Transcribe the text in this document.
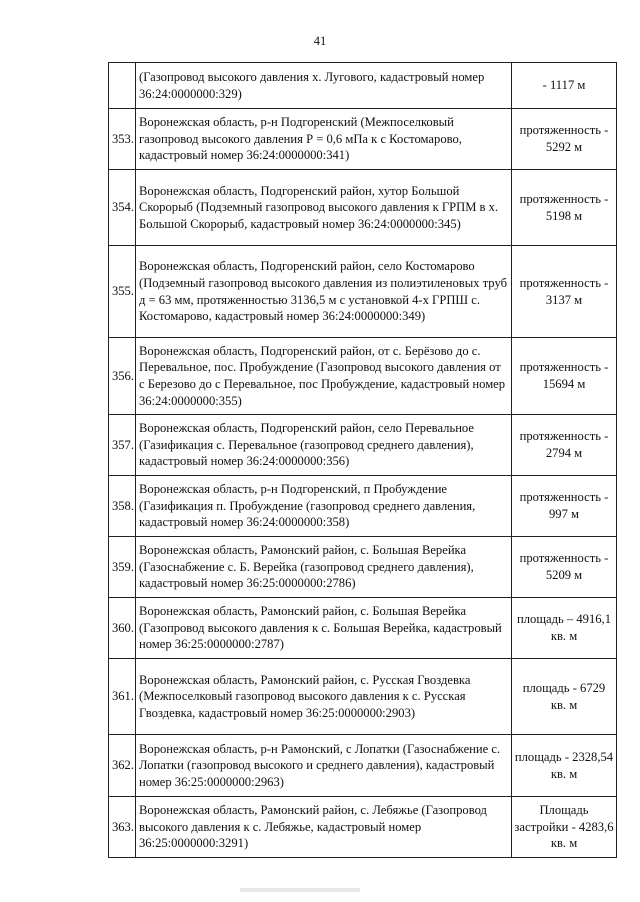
41
	(Газопровод высокого давления х. Лугового, кадастровый номер 36:24:0000000:329)	- 1117 м
353.	Воронежская область, р-н Подгоренский (Межпоселковый газопровод высокого давления Р = 0,6 мПа к с Костомарово, кадастровый номер 36:24:0000000:341)	протяженность - 5292 м
354.	Воронежская область, Подгоренский район, хутор Большой Скорорыб (Подземный газопровод высокого давления к ГРПМ в х. Большой Скорорыб, кадастровый номер 36:24:0000000:345)	протяженность - 5198 м
355.	Воронежская область, Подгоренский район, село Костомарово (Подземный газопровод высокого давления из полиэтиленовых труб д = 63 мм, протяженностью 3136,5 м с установкой 4-х ГРПШ с. Костомарово, кадастровый номер 36:24:0000000:349)	протяженность - 3137 м
356.	Воронежская область, Подгоренский район, от с. Берёзово до с. Перевальное, пос. Пробуждение (Газопровод высокого давления от с Березово до с Перевальное, пос Пробуждение, кадастровый номер 36:24:0000000:355)	протяженность - 15694 м
357.	Воронежская область, Подгоренский район, село Перевальное (Газификация с. Перевальное (газопровод среднего давления), кадастровый номер 36:24:0000000:356)	протяженность - 2794 м
358.	Воронежская область, р-н Подгоренский, п Пробуждение (Газификация п. Пробуждение (газопровод среднего давления, кадастровый номер 36:24:0000000:358)	протяженность - 997 м
359.	Воронежская область, Рамонский район, с. Большая Верейка (Газоснабжение с. Б. Верейка (газопровод среднего давления), кадастровый номер 36:25:0000000:2786)	протяженность - 5209 м
360.	Воронежская область, Рамонский район, с. Большая Верейка (Газопровод высокого давления к с. Большая Верейка, кадастровый номер 36:25:0000000:2787)	площадь – 4916,1 кв. м
361.	Воронежская область, Рамонский район, с. Русская Гвоздевка (Межпоселковый газопровод высокого давления к с. Русская Гвоздевка, кадастровый номер 36:25:0000000:2903)	площадь - 6729 кв. м
362.	Воронежская область, р-н Рамонский, с Лопатки (Газоснабжение с. Лопатки (газопровод высокого и среднего давления), кадастровый номер 36:25:0000000:2963)	площадь - 2328,54 кв. м
363.	Воронежская область, Рамонский район, с. Лебяжье (Газопровод высокого давления к с. Лебяжье, кадастровый номер 36:25:0000000:3291)	Площадь застройки - 4283,6 кв. м
